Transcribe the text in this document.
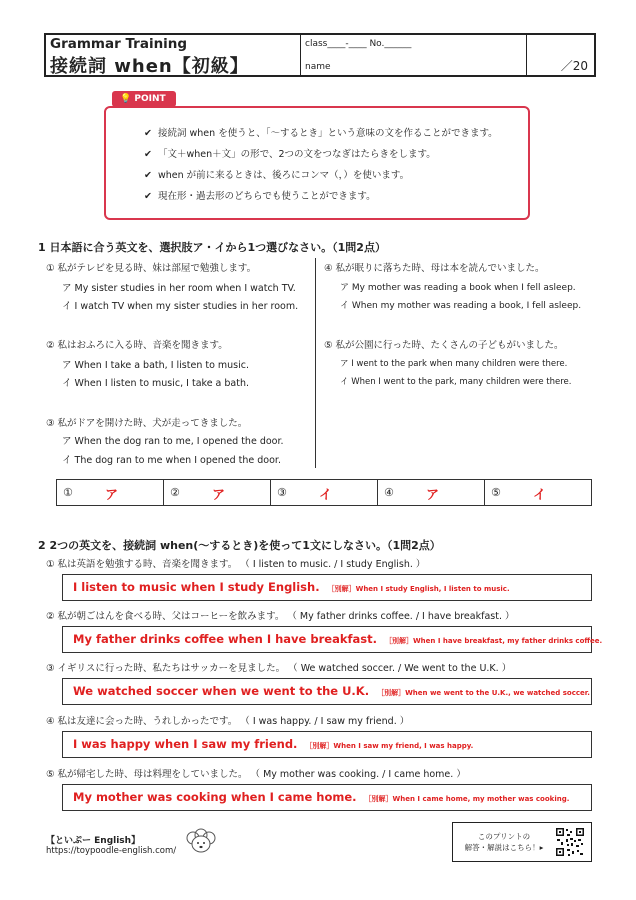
Grammar Training
接続詞 when【初級】
class____-____ No.______
name	／20
💡 POINT
✔ 接続詞 when を使うと、「〜するとき」という意味の文を作ることができます。
✔ 「文＋when＋文」の形で、2つの文をつなぎはたらきをします。
✔ when が前に来るときは、後ろにコンマ（，）を使います。
✔ 現在形・過去形のどちらでも使うことができます。
1 日本語に合う英文を、選択肢ア・イから1つ選びなさい。（1問2点）
① 私がテレビを見る時、妹は部屋で勉強します。
ア My sister studies in her room when I watch TV.
イ I watch TV when my sister studies in her room.
② 私はおふろに入る時、音楽を聞きます。
ア When I take a bath, I listen to music.
イ When I listen to music, I take a bath.
③ 私がドアを開けた時、犬が走ってきました。
ア When the dog ran to me, I opened the door.
イ The dog ran to me when I opened the door.
④ 私が眠りに落ちた時、母は本を読んでいました。
ア My mother was reading a book when I fell asleep.
イ When my mother was reading a book, I fell asleep.
⑤ 私が公園に行った時、たくさんの子どもがいました。
ア I went to the park when many children were there.
イ When I went to the park, many children were there.
① ア	② ア	③ イ	④ ア	⑤ イ
2 2つの英文を、接続詞 when(〜するとき)を使って1文にしなさい。（1問2点）
① 私は英語を勉強する時、音楽を聞きます。 （ I listen to music. / I study English. ）
I listen to music when I study English. ［別解］When I study English, I listen to music.
② 私が朝ごはんを食べる時、父はコーヒーを飲みます。 （ My father drinks coffee. / I have breakfast. ）
My father drinks coffee when I have breakfast. ［別解］When I have breakfast, my father drinks coffee.
③ イギリスに行った時、私たちはサッカーを見ました。 （ We watched soccer. / We went to the U.K. ）
We watched soccer when we went to the U.K. ［別解］When we went to the U.K., we watched soccer.
④ 私は友達に会った時、うれしかったです。 （ I was happy. / I saw my friend. ）
I was happy when I saw my friend. ［別解］When I saw my friend, I was happy.
⑤ 私が帰宅した時、母は料理をしていました。 （ My mother was cooking. / I came home. ）
My mother was cooking when I came home. ［別解］When I came home, my mother was cooking.
【といぷー English】
https://toypoodle-english.com/
このプリントの
解答・解説はこちら！▸
